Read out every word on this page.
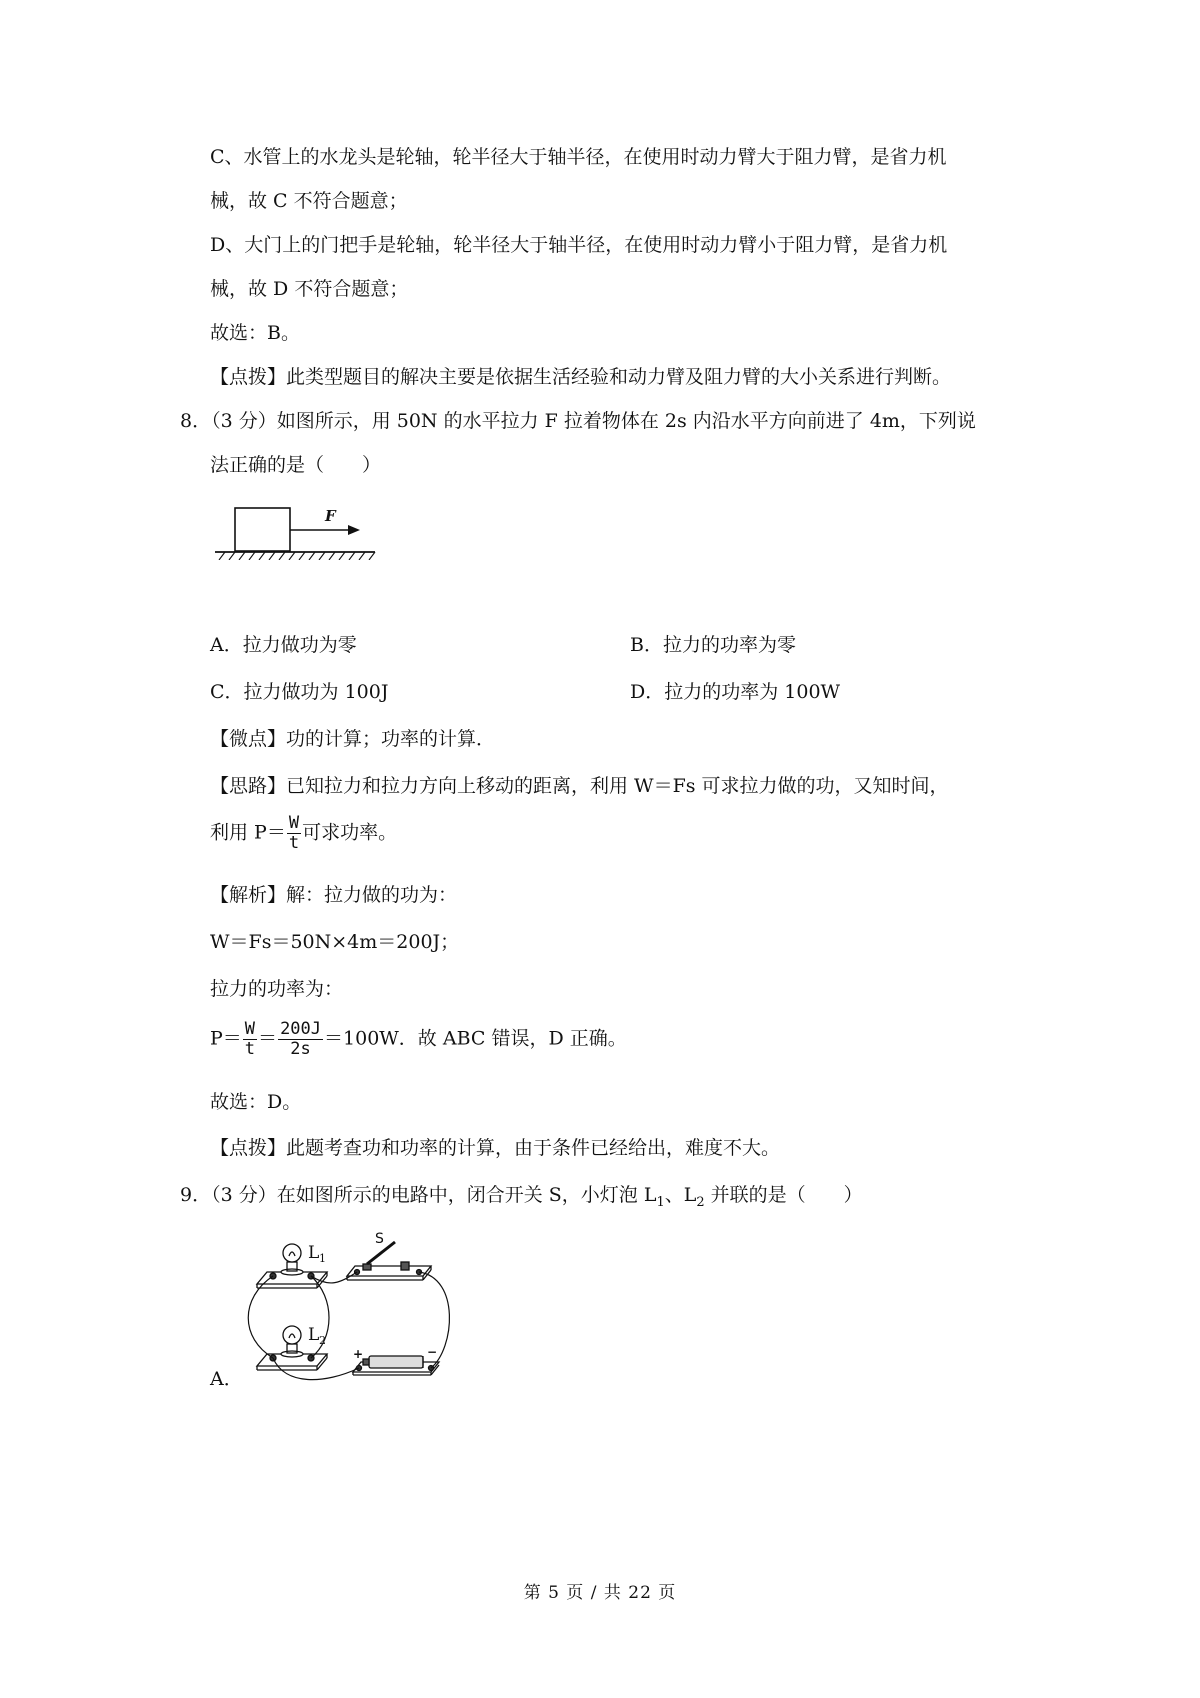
C、水管上的水龙头是轮轴，轮半径大于轴半径，在使用时动力臂大于阻力臂，是省力机
械，故 C 不符合题意；
D、大门上的门把手是轮轴，轮半径大于轴半径，在使用时动力臂小于阻力臂，是省力机
械，故 D 不符合题意；
故选：B。
【点拨】此类型题目的解决主要是依据生活经验和动力臂及阻力臂的大小关系进行判断。
8．（3 分）如图所示，用 50N 的水平拉力 F 拉着物体在 2s 内沿水平方向前进了 4m，下列说
法正确的是（　　）
F
A．拉力做功为零	B．拉力的功率为零
C．拉力做功为 100J	D．拉力的功率为 100W
【微点】功的计算；功率的计算．
【思路】已知拉力和拉力方向上移动的距离，利用 W＝Fs 可求拉力做的功，又知时间，
利用 $P= \frac{W}{t}$ 可求功率。
【解析】解：拉力做的功为：
W＝Fs＝50N×4m＝200J；
拉力的功率为：
$P= \frac{W}{t} = \frac{200J}{2s} =100W$．故 ABC 错误，D 正确。
故选：D。
【点拨】此题考查功和功率的计算，由于条件已经给出，难度不大。
9．（3 分）在如图所示的电路中，闭合开关 S，小灯泡 $L_1$、$L_2$ 并联的是（　　）
L 1
L 2
S
+	−
A．
第 5 页 / 共 22 页
